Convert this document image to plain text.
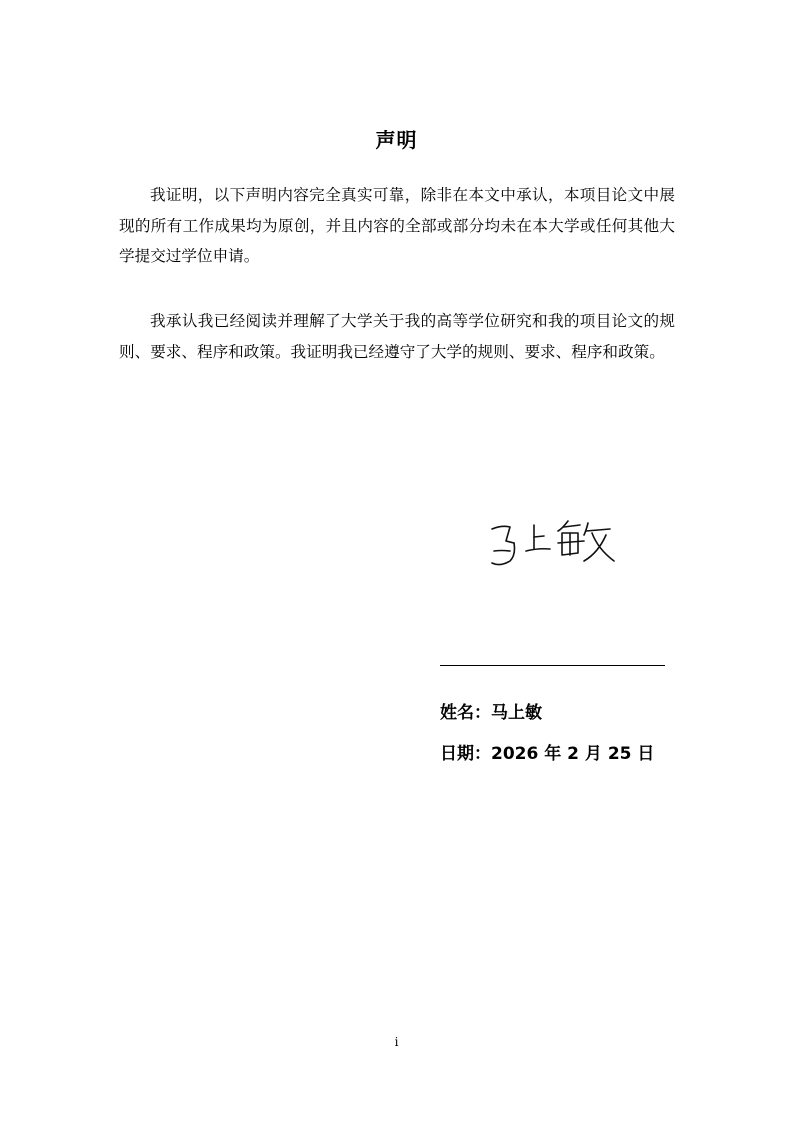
声明

我证明，以下声明内容完全真实可靠，除非在本文中承认，本项目论文中展现的所有工作成果均为原创，并且内容的全部或部分均未在本大学或任何其他大学提交过学位申请。

我承认我已经阅读并理解了大学关于我的高等学位研究和我的项目论文的规则、要求、程序和政策。我证明我已经遵守了大学的规则、要求、程序和政策。

姓名：马上敏
日期：2026 年 2 月 25 日
i
